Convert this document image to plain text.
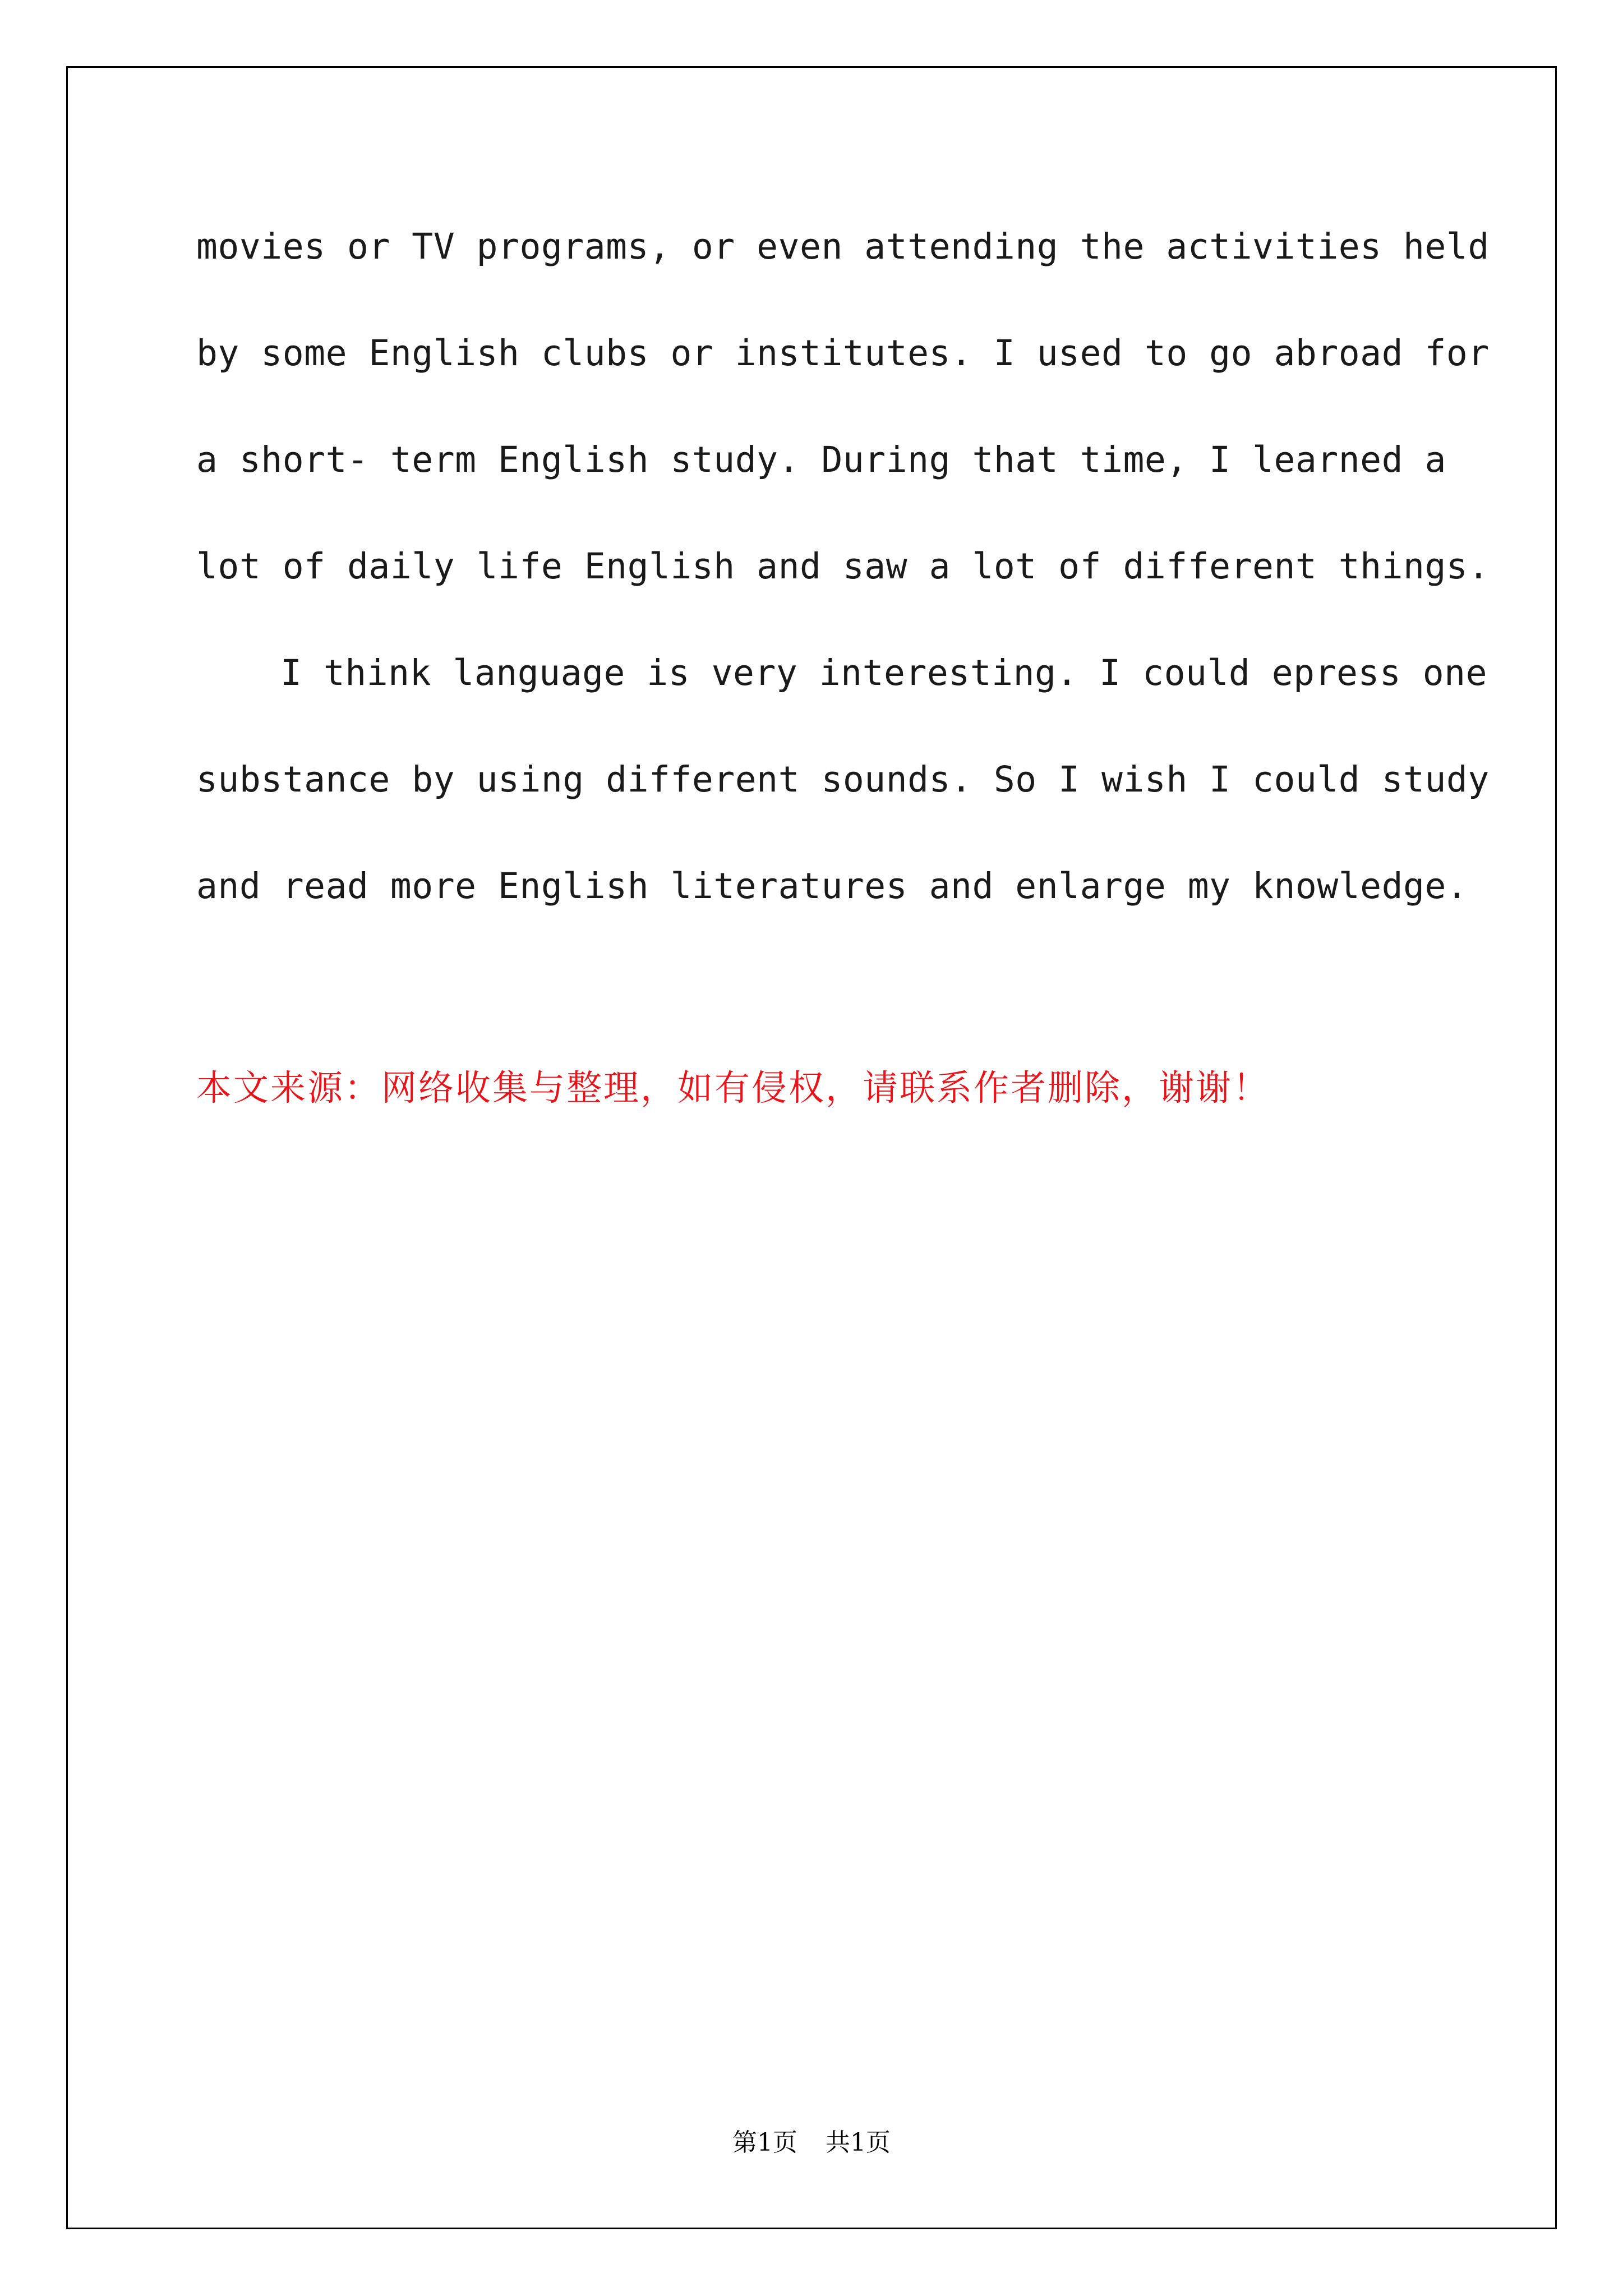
movies or TV programs, or even attending the activities held
by some English clubs or institutes. I used to go abroad for
a short- term English study. During that time, I learned a
lot of daily life English and saw a lot of different things.
I think language is very interesting. I could epress one
substance by using different sounds. So I wish I could study
and read more English literatures and enlarge my knowledge.
本文来源：网络收集与整理，如有侵权，请联系作者删除，谢谢！
第1页 共1页
